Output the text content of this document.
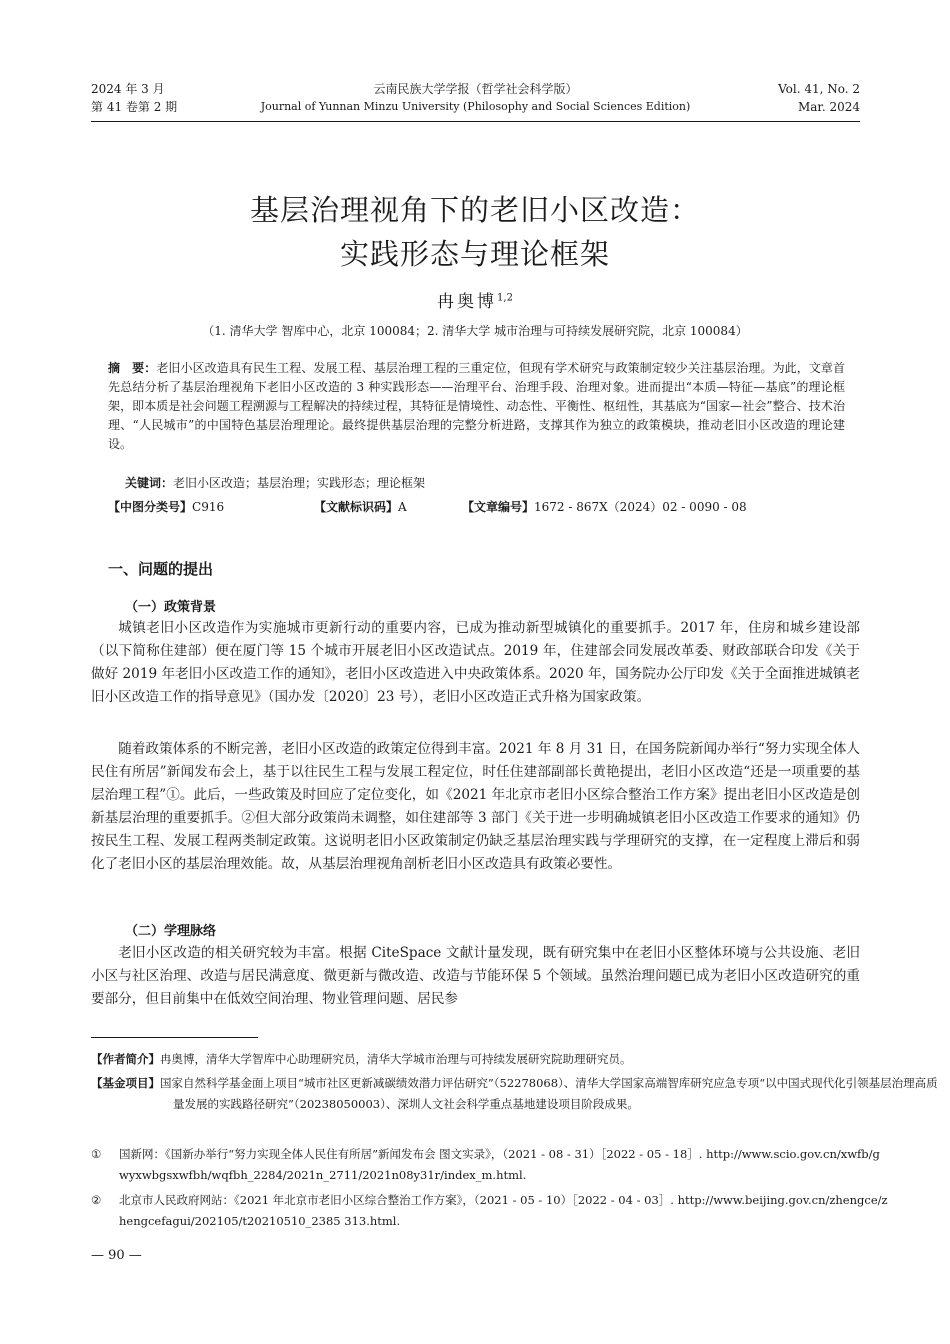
2024 年 3 月
第 41 卷第 2 期
云南民族大学学报（哲学社会科学版）
Journal of Yunnan Minzu University (Philosophy and Social Sciences Edition)
Vol. 41, No. 2
Mar. 2024
基层治理视角下的老旧小区改造：
实践形态与理论框架
冉奥博$^{1,2}$
（1. 清华大学 智库中心，北京 100084；2. 清华大学 城市治理与可持续发展研究院，北京 100084）
摘　要：老旧小区改造具有民生工程、发展工程、基层治理工程的三重定位，但现有学术研究与政策制定较少关注基层治理。为此，文章首先总结分析了基层治理视角下老旧小区改造的 3 种实践形态——治理平台、治理手段、治理对象。进而提出“本质—特征—基底”的理论框架，即本质是社会问题工程溯源与工程解决的持续过程，其特征是情境性、动态性、平衡性、枢纽性，其基底为“国家—社会”整合、技术治理、“人民城市”的中国特色基层治理理论。最终提供基层治理的完整分析进路，支撑其作为独立的政策模块，推动老旧小区改造的理论建设。
关键词：老旧小区改造；基层治理；实践形态；理论框架
【中图分类号】C916	【文献标识码】A	【文章编号】1672 - 867X（2024）02 - 0090 - 08
一、问题的提出
（一）政策背景
城镇老旧小区改造作为实施城市更新行动的重要内容，已成为推动新型城镇化的重要抓手。2017 年，住房和城乡建设部（以下简称住建部）便在厦门等 15 个城市开展老旧小区改造试点。2019 年，住建部会同发展改革委、财政部联合印发《关于做好 2019 年老旧小区改造工作的通知》，老旧小区改造进入中央政策体系。2020 年，国务院办公厅印发《关于全面推进城镇老旧小区改造工作的指导意见》（国办发〔2020〕23 号），老旧小区改造正式升格为国家政策。
随着政策体系的不断完善，老旧小区改造的政策定位得到丰富。2021 年 8 月 31 日，在国务院新闻办举行“努力实现全体人民住有所居”新闻发布会上，基于以往民生工程与发展工程定位，时任住建部副部长黄艳提出，老旧小区改造“还是一项重要的基层治理工程”①。此后，一些政策及时回应了定位变化，如《2021 年北京市老旧小区综合整治工作方案》提出老旧小区改造是创新基层治理的重要抓手。②但大部分政策尚未调整，如住建部等 3 部门《关于进一步明确城镇老旧小区改造工作要求的通知》仍按民生工程、发展工程两类制定政策。这说明老旧小区政策制定仍缺乏基层治理实践与学理研究的支撑，在一定程度上滞后和弱化了老旧小区的基层治理效能。故，从基层治理视角剖析老旧小区改造具有政策必要性。
（二）学理脉络
老旧小区改造的相关研究较为丰富。根据 CiteSpace 文献计量发现，既有研究集中在老旧小区整体环境与公共设施、老旧小区与社区治理、改造与居民满意度、微更新与微改造、改造与节能环保 5 个领域。虽然治理问题已成为老旧小区改造研究的重要部分，但目前集中在低效空间治理、物业管理问题、居民参
【作者简介】冉奥博，清华大学智库中心助理研究员，清华大学城市治理与可持续发展研究院助理研究员。
【基金项目】国家自然科学基金面上项目“城市社区更新减碳绩效潜力评估研究”（52278068）、清华大学国家高端智库研究应急专项“以中国式现代化引领基层治理高质量发展的实践路径研究”（20238050003）、深圳人文社会科学重点基地建设项目阶段成果。
① 国新网：《国新办举行“努力实现全体人民住有所居”新闻发布会 图文实录》，（2021 - 08 - 31）［2022 - 05 - 18］. http://www.scio.gov.cn/xwfb/gwyxwbgsxwfbh/wqfbh_2284/2021n_2711/2021n08y31r/index_m.html.
② 北京市人民政府网站：《2021 年北京市老旧小区综合整治工作方案》，（2021 - 05 - 10）［2022 - 04 - 03］. http://www.beijing.gov.cn/zhengce/zhengcefagui/202105/t20210510_2385 313.html.
— 90 —
